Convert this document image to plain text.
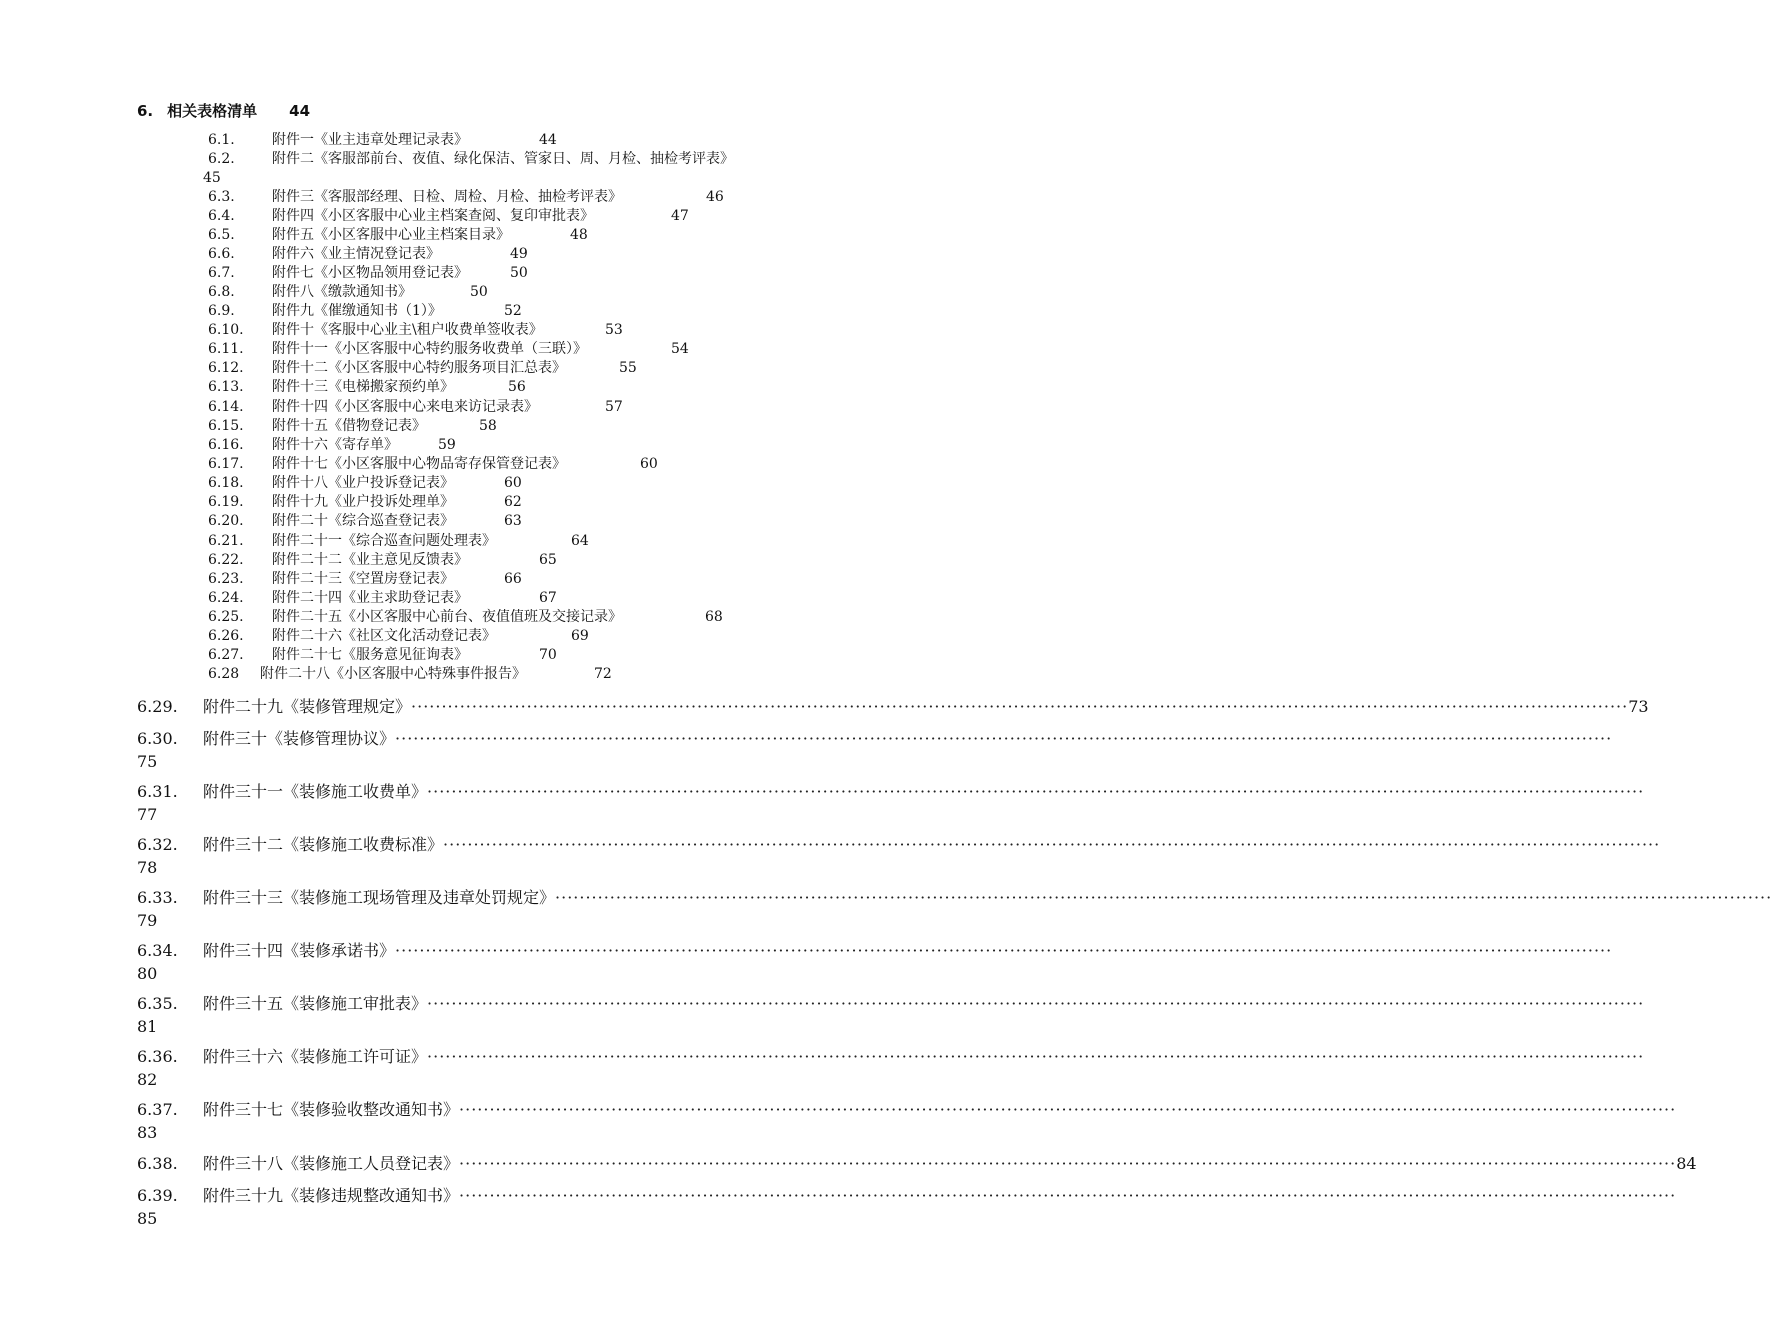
6. 相关表格清单 44
6.1.	附件一《业主违章处理记录表》	44
6.2.	附件二《客服部前台、夜值、绿化保洁、管家日、周、月检、抽检考评表》
45
6.3.	附件三《客服部经理、日检、周检、月检、抽检考评表》	46
6.4.	附件四《小区客服中心业主档案查阅、复印审批表》	47
6.5.	附件五《小区客服中心业主档案目录》	48
6.6.	附件六《业主情况登记表》	49
6.7.	附件七《小区物品领用登记表》	50
6.8.	附件八《缴款通知书》	50
6.9.	附件九《催缴通知书（1）》	52
6.10. 附件十《客服中心业主\租户收费单签收表》	53
6.11. 附件十一《小区客服中心特约服务收费单（三联）》	54
6.12. 附件十二《小区客服中心特约服务项目汇总表》	55
6.13. 附件十三《电梯搬家预约单》	56
6.14. 附件十四《小区客服中心来电来访记录表》	57
6.15. 附件十五《借物登记表》	58
6.16. 附件十六《寄存单》	59
6.17. 附件十七《小区客服中心物品寄存保管登记表》	60
6.18. 附件十八《业户投诉登记表》	60
6.19. 附件十九《业户投诉处理单》	62
6.20. 附件二十《综合巡查登记表》	63
6.21. 附件二十一《综合巡查问题处理表》	64
6.22. 附件二十二《业主意见反馈表》	65
6.23. 附件二十三《空置房登记表》	66
6.24. 附件二十四《业主求助登记表》	67
6.25. 附件二十五《小区客服中心前台、夜值值班及交接记录》	68
6.26. 附件二十六《社区文化活动登记表》	69
6.27. 附件二十七《服务意见征询表》	70
6.28 附件二十八《小区客服中心特殊事件报告》	72
6.29.	附件二十九《装修管理规定》 ········································································································································································································ 73
6.30.	附件三十《装修管理协议》 ········································································································································································································
75
6.31.	附件三十一《装修施工收费单》 ········································································································································································································
77
6.32.	附件三十二《装修施工收费标准》 ········································································································································································································
78
6.33.	附件三十三《装修施工现场管理及违章处罚规定》 ········································································································································································································
79
6.34.	附件三十四《装修承诺书》 ········································································································································································································
80
6.35.	附件三十五《装修施工审批表》 ········································································································································································································
81
6.36.	附件三十六《装修施工许可证》 ········································································································································································································
82
6.37.	附件三十七《装修验收整改通知书》 ········································································································································································································
83
6.38.	附件三十八《装修施工人员登记表》 ········································································································································································································ 84
6.39.	附件三十九《装修违规整改通知书》 ········································································································································································································
85
